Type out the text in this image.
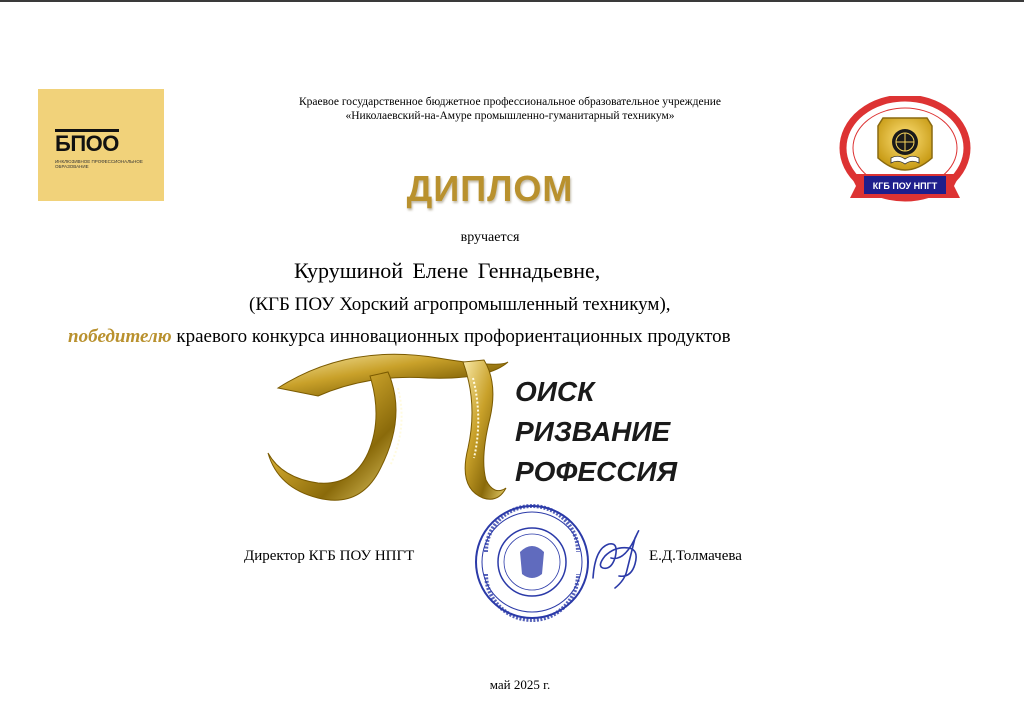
БПОО
ИНКЛЮЗИВНОЕ ПРОФЕССИОНАЛЬНОЕ ОБРАЗОВАНИЕ
Краевое государственное бюджетное профессиональное образовательное учреждение
«Николаевский-на-Амуре промышленно-гуманитарный техникум»
КГБ ПОУ НПГТ
ДИПЛОМ
вручается
Курушиной Елене Геннадьевне,
(КГБ ПОУ Хорский агропромышленный техникум),
победителю краевого конкурса инновационных профориентационных продуктов
ОИСК
РИЗВАНИЕ
РОФЕССИЯ
Директор КГБ ПОУ НПГТ	Е.Д.Толмачева
май 2025 г.
